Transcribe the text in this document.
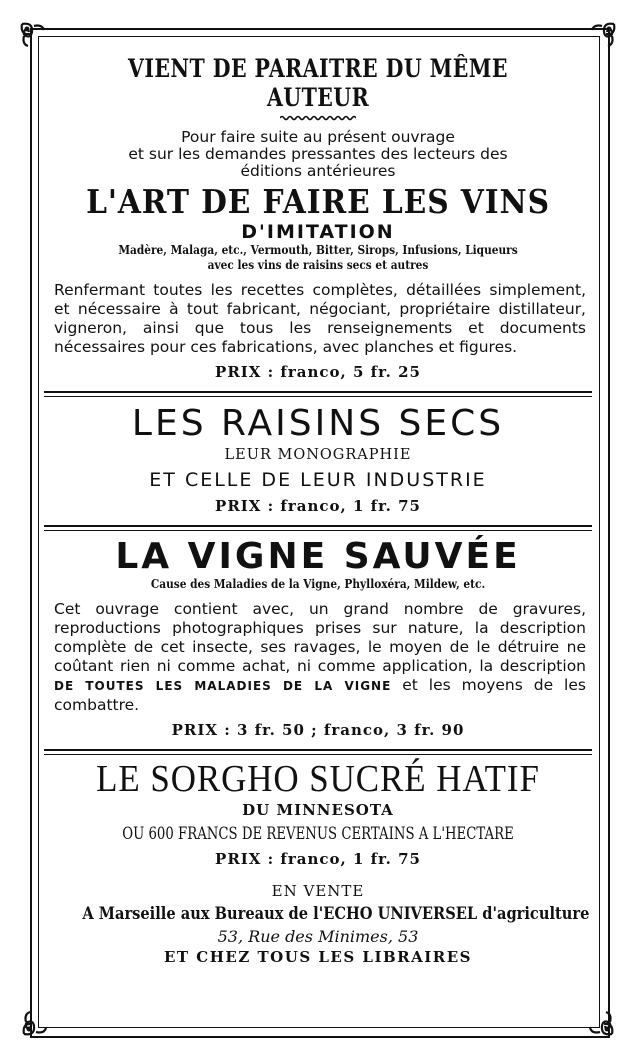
VIENT DE PARAITRE DU MÊME AUTEUR
Pour faire suite au présent ouvrage
et sur les demandes pressantes des lecteurs des
éditions antérieures
L'ART DE FAIRE LES VINS
D'IMITATION
Madère, Malaga, etc., Vermouth, Bitter, Sirops, Infusions, Liqueurs
avec les vins de raisins secs et autres

Renfermant toutes les recettes complètes, détaillées simplement, et nécessaire à tout fabricant, négociant, propriétaire distillateur, vigneron, ainsi que tous les renseignements et documents nécessaires pour ces fabrications, avec planches et figures.

PRIX : franco, 5 fr. 25
LES RAISINS SECS
LEUR MONOGRAPHIE
ET CELLE DE LEUR INDUSTRIE
PRIX : franco, 1 fr. 75
LA VIGNE SAUVÉE
Cause des Maladies de la Vigne, Phylloxéra, Mildew, etc.

Cet ouvrage contient avec, un grand nombre de gravures, reproductions photographiques prises sur nature, la description complète de cet insecte, ses ravages, le moyen de le détruire ne coûtant rien ni comme achat, ni comme application, la description DE TOUTES LES MALADIES DE LA VIGNE et les moyens de les combattre.

PRIX : 3 fr. 50 ; franco, 3 fr. 90
LE SORGHO SUCRÉ HATIF
DU MINNESOTA
OU 600 FRANCS DE REVENUS CERTAINS A L'HECTARE
PRIX : franco, 1 fr. 75
EN VENTE
A Marseille aux Bureaux de l'ECHO UNIVERSEL d'agriculture
53, Rue des Minimes, 53
ET CHEZ TOUS LES LIBRAIRES
